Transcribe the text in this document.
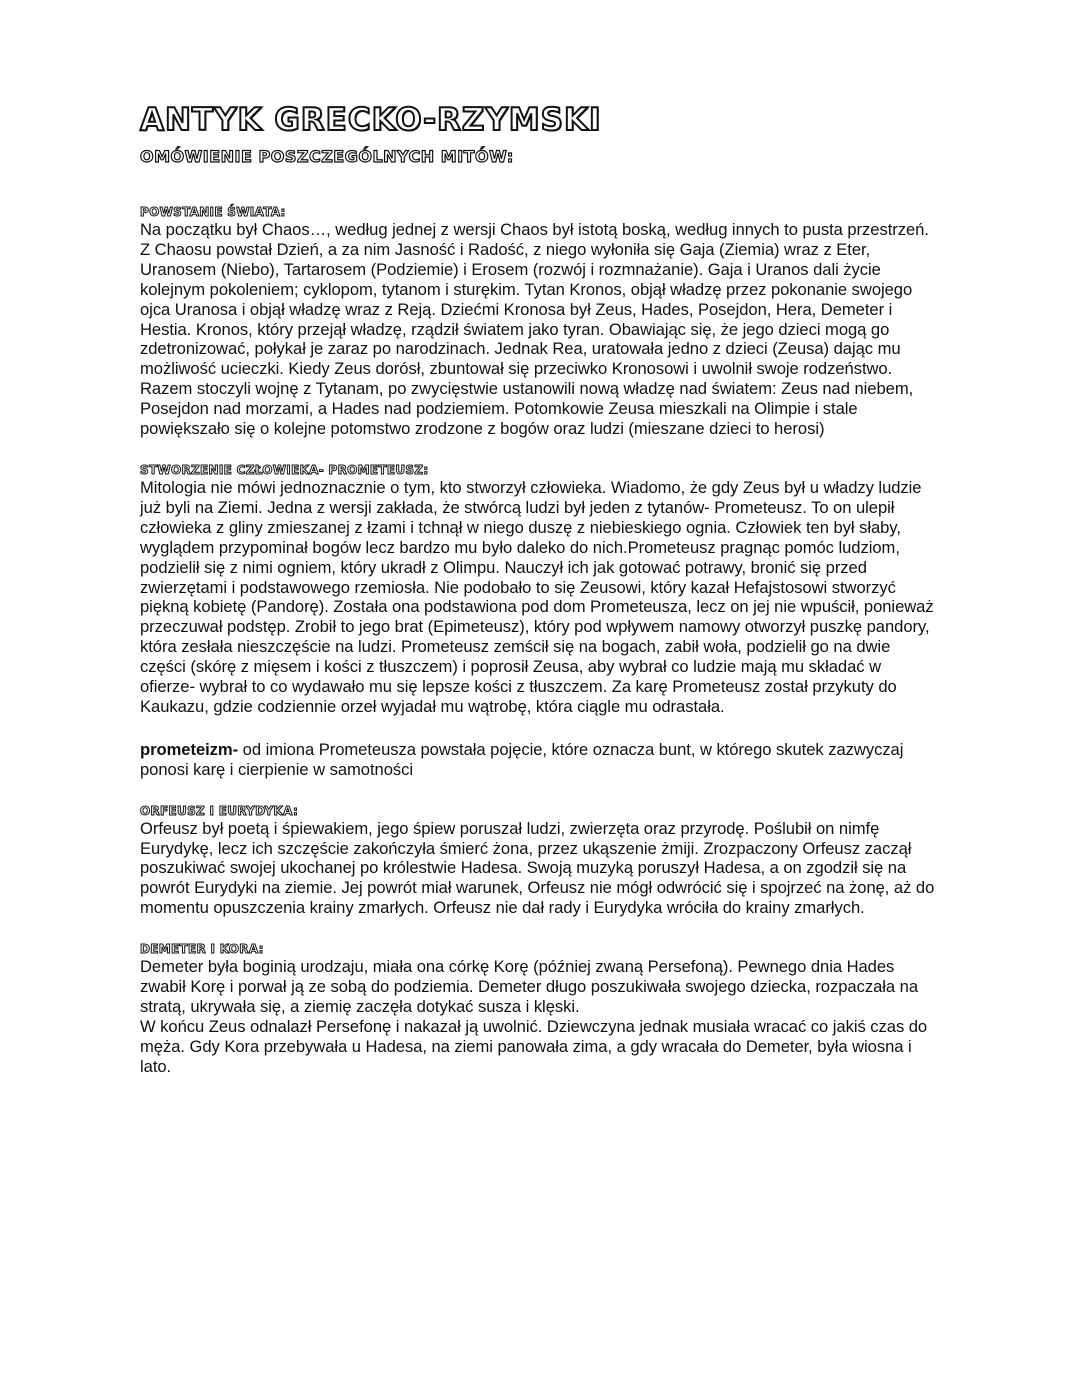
ANTYK GRECKO-RZYMSKI
OMÓWIENIE POSZCZEGÓLNYCH MITÓW:
POWSTANIE ŚWIATA:

Na początku był Chaos…, według jednej z wersji Chaos był istotą boską, według innych to pusta przestrzeń. Z Chaosu powstał Dzień, a za nim Jasność i Radość, z niego wyłoniła się Gaja (Ziemia) wraz z Eter, Uranosem (Niebo), Tartarosem (Podziemie) i Erosem (rozwój i rozmnażanie). Gaja i Uranos dali życie kolejnym pokoleniem; cyklopom, tytanom i sturękim. Tytan Kronos, objął władzę przez pokonanie swojego ojca Uranosa i objął władzę wraz z Reją. Dziećmi Kronosa był Zeus, Hades, Posejdon, Hera, Demeter i Hestia. Kronos, który przejął władzę, rządził światem jako tyran. Obawiając się, że jego dzieci mogą go zdetronizować, połykał je zaraz po narodzinach. Jednak Rea, uratowała jedno z dzieci (Zeusa) dając mu możliwość ucieczki. Kiedy Zeus dorósł, zbuntował się przeciwko Kronosowi i uwolnił swoje rodzeństwo. Razem stoczyli wojnę z Tytanam, po zwycięstwie ustanowili nową władzę nad światem: Zeus nad niebem, Posejdon nad morzami, a Hades nad podziemiem. Potomkowie Zeusa mieszkali na Olimpie i stale powiększało się o kolejne potomstwo zrodzone z bogów oraz ludzi (mieszane dzieci to herosi)

STWORZENIE CZŁOWIEKA- PROMETEUSZ:

Mitologia nie mówi jednoznacznie o tym, kto stworzył człowieka. Wiadomo, że gdy Zeus był u władzy ludzie już byli na Ziemi. Jedna z wersji zakłada, że stwórcą ludzi był jeden z tytanów- Prometeusz. To on ulepił człowieka z gliny zmieszanej z łzami i tchnął w niego duszę z niebieskiego ognia. Człowiek ten był słaby, wyglądem przypominał bogów lecz bardzo mu było daleko do nich.Prometeusz pragnąc pomóc ludziom, podzielił się z nimi ogniem, który ukradł z Olimpu. Nauczył ich jak gotować potrawy, bronić się przed zwierzętami i podstawowego rzemiosła. Nie podobało to się Zeusowi, który kazał Hefajstosowi stworzyć piękną kobietę (Pandorę). Została ona podstawiona pod dom Prometeusza, lecz on jej nie wpuścił, ponieważ przeczuwał podstęp. Zrobił to jego brat (Epimeteusz), który pod wpływem namowy otworzył puszkę pandory, która zesłała nieszczęście na ludzi. Prometeusz zemścił się na bogach, zabił woła, podzielił go na dwie części (skórę z mięsem i kości z tłuszczem) i poprosił Zeusa, aby wybrał co ludzie mają mu składać w ofierze- wybrał to co wydawało mu się lepsze kości z tłuszczem. Za karę Prometeusz został przykuty do Kaukazu, gdzie codziennie orzeł wyjadał mu wątrobę, która ciągle mu odrastała.

prometeizm- od imiona Prometeusza powstała pojęcie, które oznacza bunt, w którego skutek zazwyczaj ponosi karę i cierpienie w samotności

ORFEUSZ I EURYDYKA:

Orfeusz był poetą i śpiewakiem, jego śpiew poruszał ludzi, zwierzęta oraz przyrodę. Poślubił on nimfę Eurydykę, lecz ich szczęście zakończyła śmierć żona, przez ukąszenie żmiji. Zrozpaczony Orfeusz zaczął poszukiwać swojej ukochanej po królestwie Hadesa. Swoją muzyką poruszył Hadesa, a on zgodził się na powrót Eurydyki na ziemie. Jej powrót miał warunek, Orfeusz nie mógł odwrócić się i spojrzeć na żonę, aż do momentu opuszczenia krainy zmarłych. Orfeusz nie dał rady i Eurydyka wróciła do krainy zmarłych.

DEMETER I KORA:

Demeter była boginią urodzaju, miała ona córkę Korę (później zwaną Persefoną). Pewnego dnia Hades zwabił Korę i porwał ją ze sobą do podziemia. Demeter długo poszukiwała swojego dziecka, rozpaczała na stratą, ukrywała się, a ziemię zaczęła dotykać susza i klęski.

W końcu Zeus odnalazł Persefonę i nakazał ją uwolnić. Dziewczyna jednak musiała wracać co jakiś czas do męża. Gdy Kora przebywała u Hadesa, na ziemi panowała zima, a gdy wracała do Demeter, była wiosna i lato.
